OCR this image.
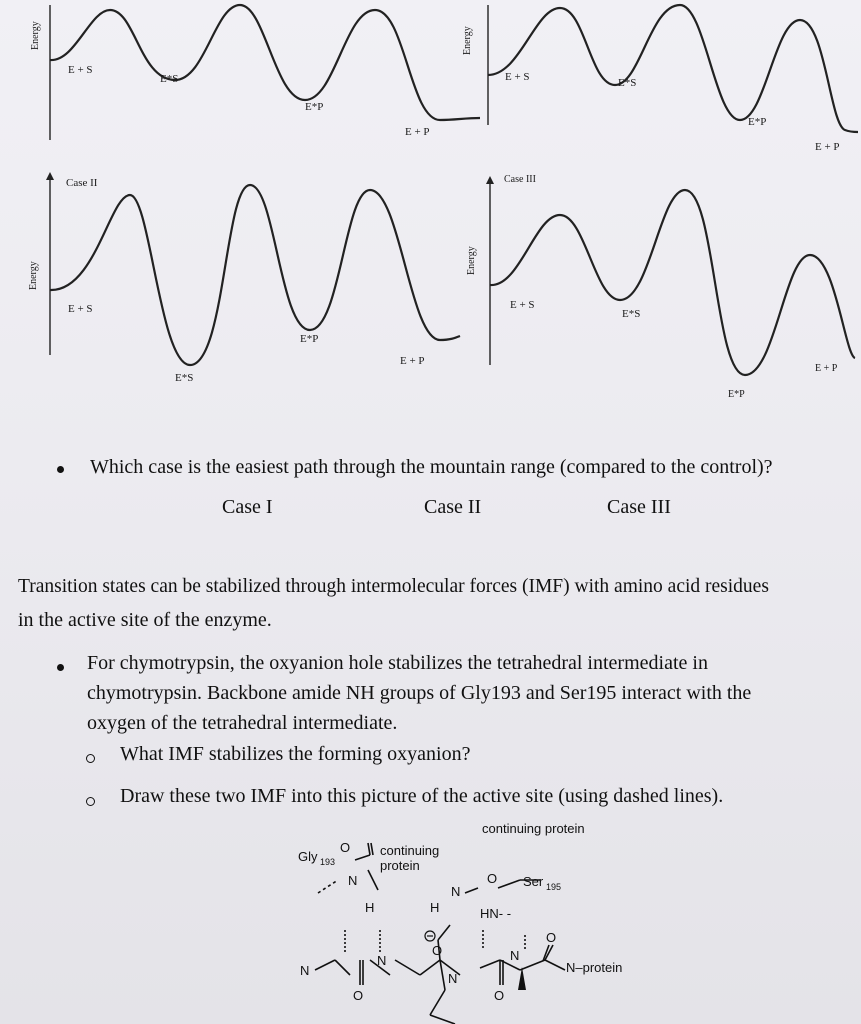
Energy
E + S
E*S
E*P
E + P
Energy
E + S	E*S
E*P
E + P
Case II
Energy
E + S
E*S
E*P
E + P
Case III
Energy
E + S
E*S
E*P
E + P
Which case is the easiest path through the mountain range (compared to the control)?
Case I	Case II	Case III
Transition states can be stabilized through intermolecular forces (IMF) with amino acid residues
in the active site of the enzyme.
For chymotrypsin, the oxyanion hole stabilizes the tetrahedral intermediate in
chymotrypsin. Backbone amide NH groups of Gly193 and Ser195 interact with the
oxygen of the tetrahedral intermediate.
What IMF stabilizes the forming oxyanion?
Draw these two IMF into this picture of the active site (using dashed lines).
Gly 193
O continuing
protein
N
H	H
N
continuing protein
O Ser 195
HN- -
O
N
N
O
N
O
N
O
N–protein
